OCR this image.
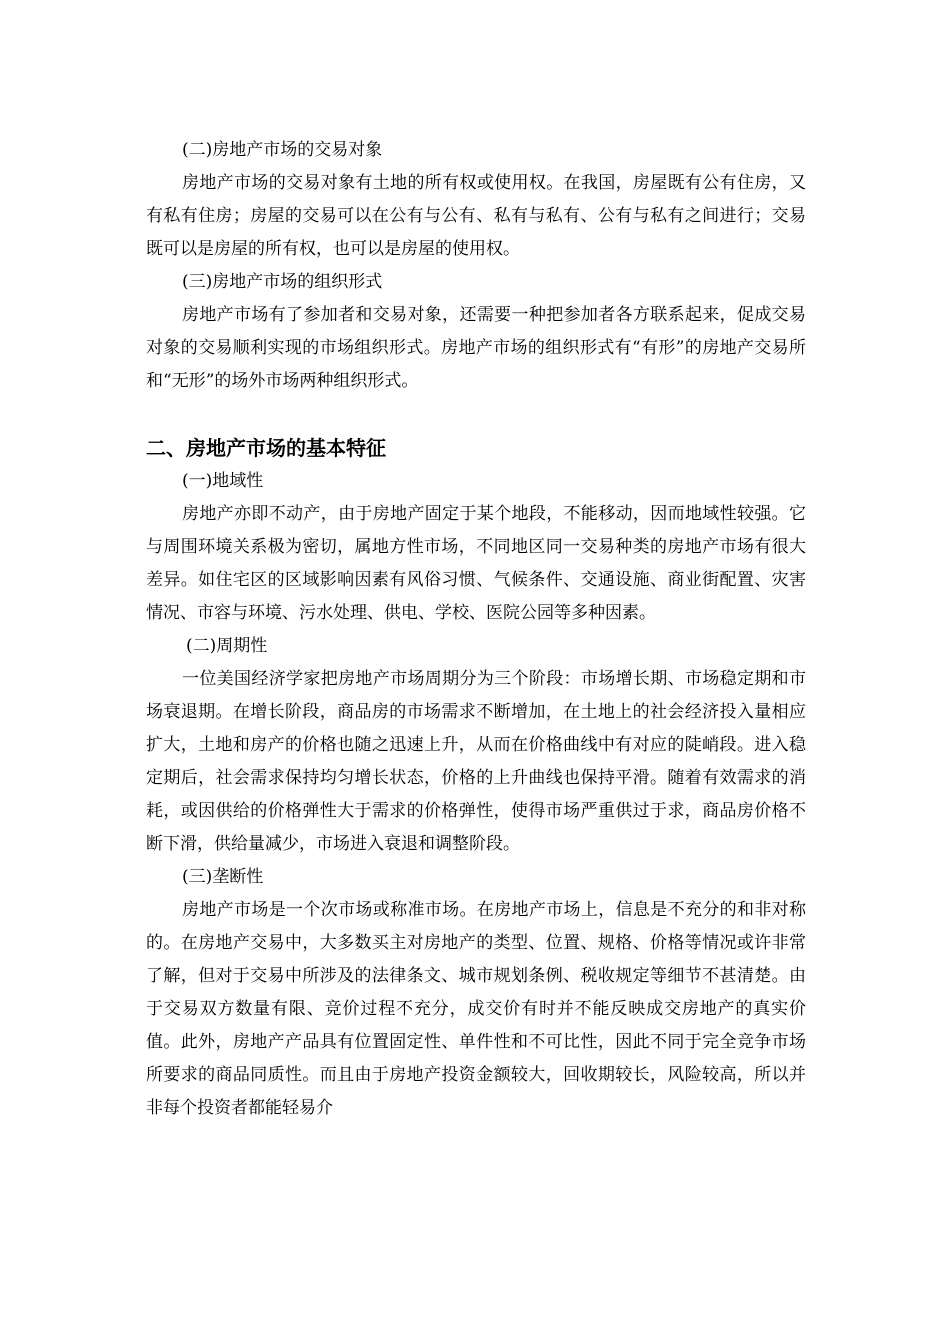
(二)房地产市场的交易对象

房地产市场的交易对象有土地的所有权或使用权。在我国，房屋既有公有住房，又有私有住房；房屋的交易可以在公有与公有、私有与私有、公有与私有之间进行；交易既可以是房屋的所有权，也可以是房屋的使用权。

(三)房地产市场的组织形式

房地产市场有了参加者和交易对象，还需要一种把参加者各方联系起来，促成交易对象的交易顺利实现的市场组织形式。房地产市场的组织形式有“有形”的房地产交易所和“无形”的场外市场两种组织形式。

二、房地产市场的基本特征

(一)地域性

房地产亦即不动产，由于房地产固定于某个地段，不能移动，因而地域性较强。它与周围环境关系极为密切，属地方性市场，不同地区同一交易种类的房地产市场有很大差异。如住宅区的区域影响因素有风俗习惯、气候条件、交通设施、商业街配置、灾害情况、市容与环境、污水处理、供电、学校、医院公园等多种因素。

(二)周期性

一位美国经济学家把房地产市场周期分为三个阶段：市场增长期、市场稳定期和市场衰退期。在增长阶段，商品房的市场需求不断增加，在土地上的社会经济投入量相应扩大，土地和房产的价格也随之迅速上升，从而在价格曲线中有对应的陡峭段。进入稳定期后，社会需求保持均匀增长状态，价格的上升曲线也保持平滑。随着有效需求的消耗，或因供给的价格弹性大于需求的价格弹性，使得市场严重供过于求，商品房价格不断下滑，供给量减少，市场进入衰退和调整阶段。

(三)垄断性

房地产市场是一个次市场或称准市场。在房地产市场上，信息是不充分的和非对称的。在房地产交易中，大多数买主对房地产的类型、位置、规格、价格等情况或许非常了解，但对于交易中所涉及的法律条文、城市规划条例、税收规定等细节不甚清楚。由于交易双方数量有限、竞价过程不充分，成交价有时并不能反映成交房地产的真实价值。此外，房地产产品具有位置固定性、单件性和不可比性，因此不同于完全竞争市场所要求的商品同质性。而且由于房地产投资金额较大，回收期较长，风险较高，所以并非每个投资者都能轻易介
